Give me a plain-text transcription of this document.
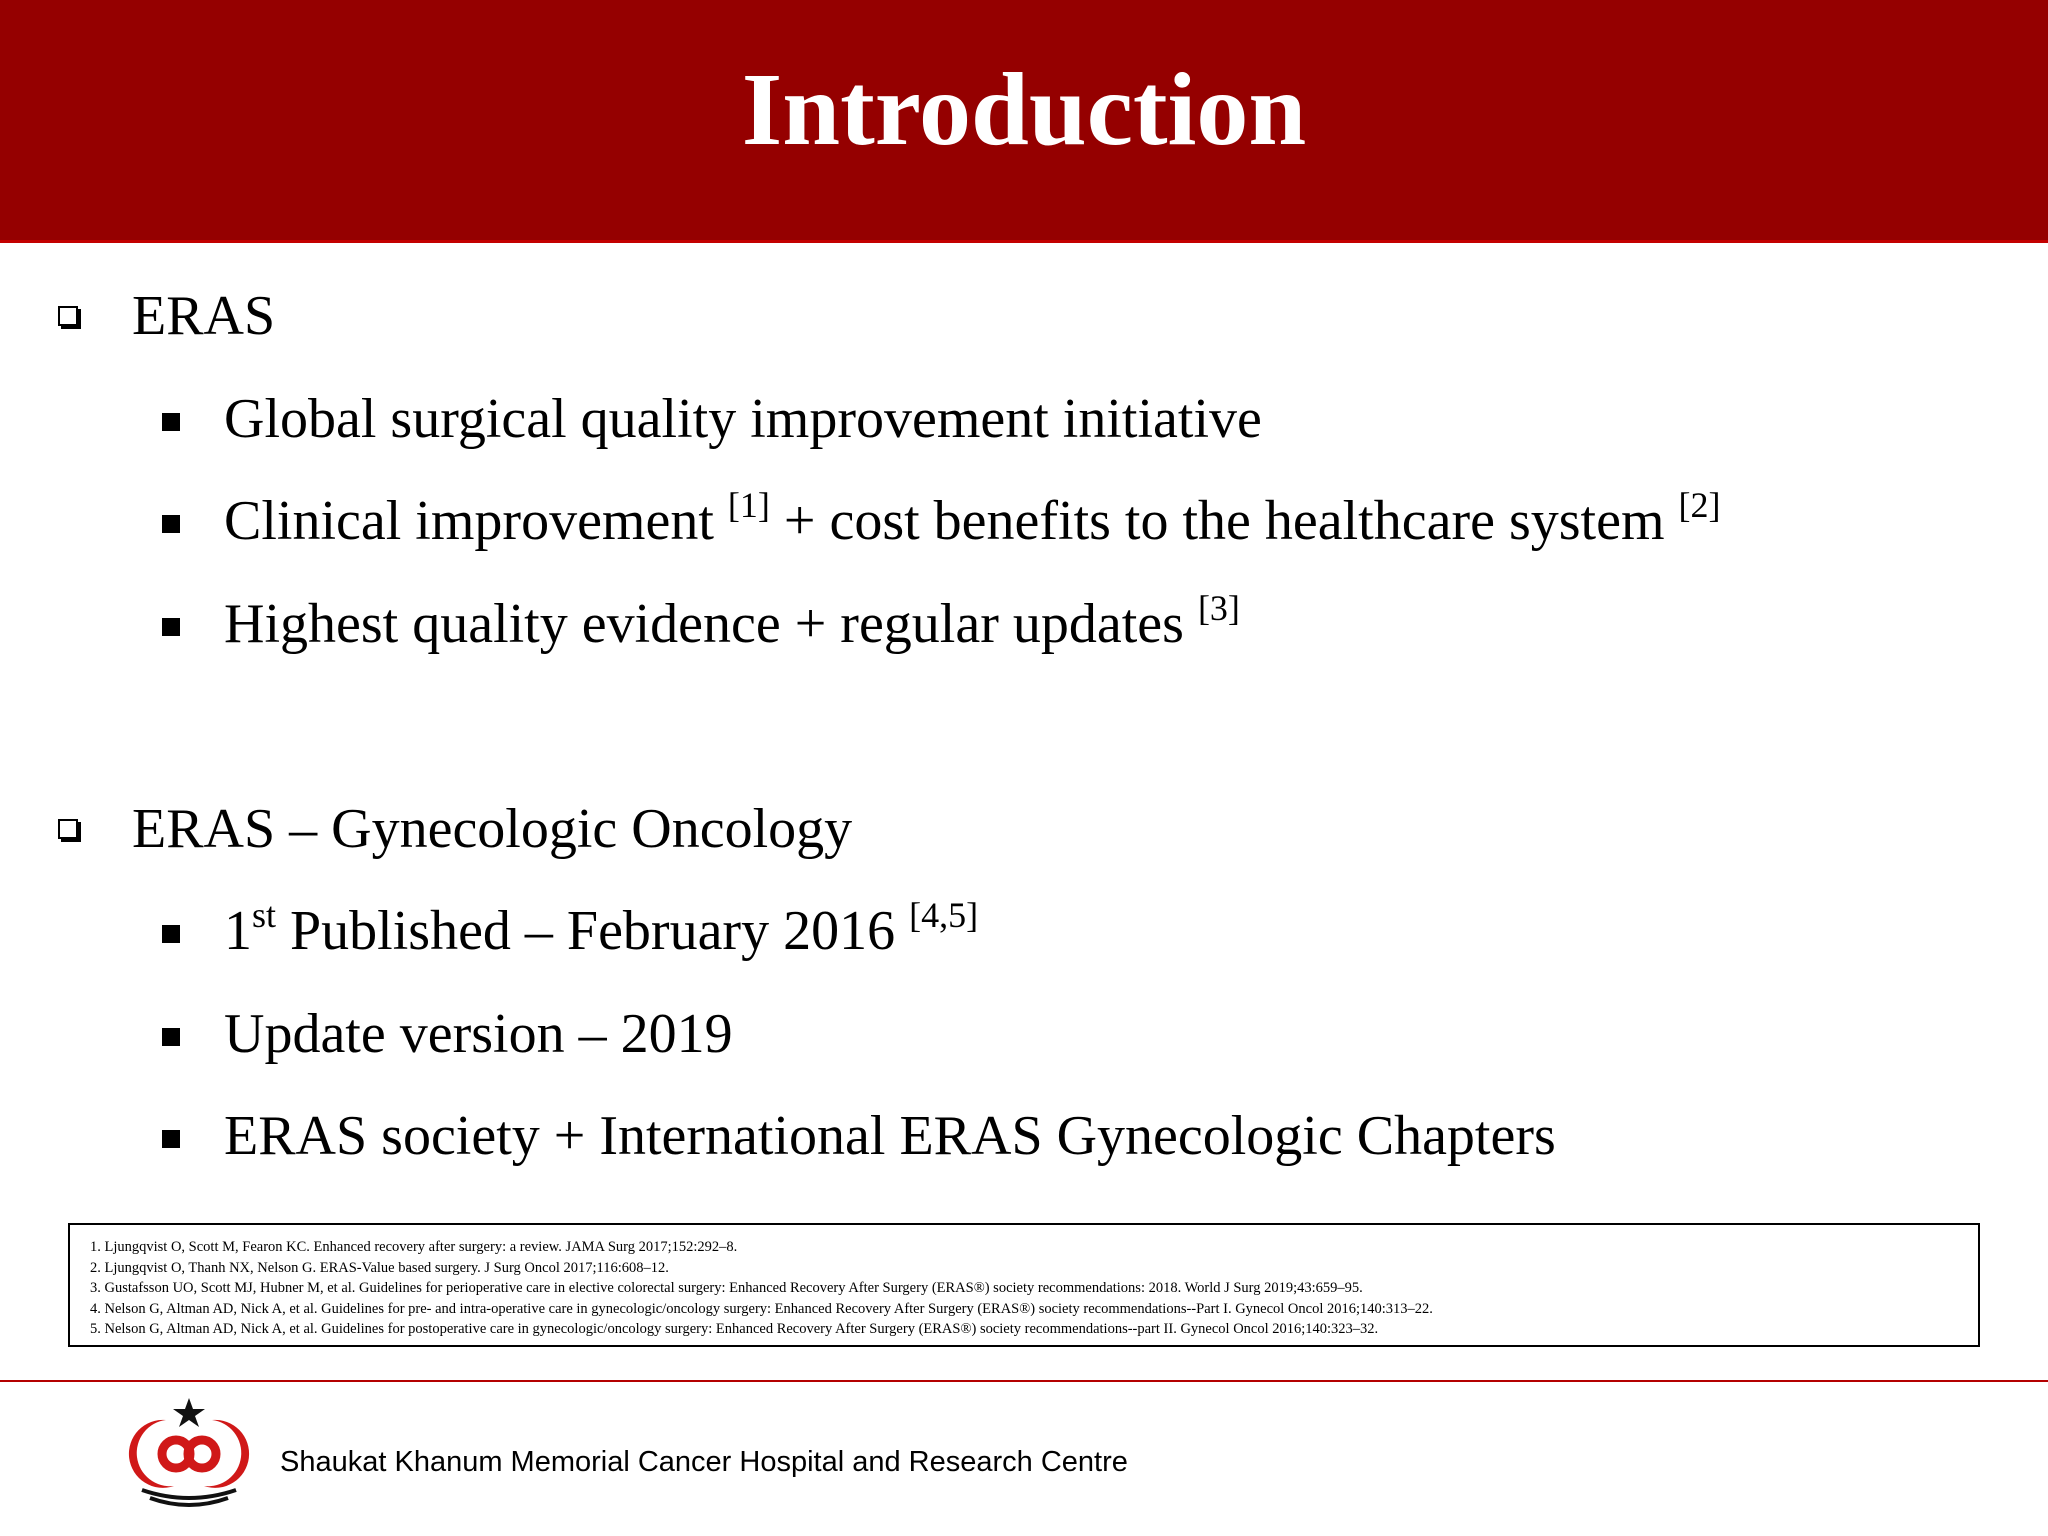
Introduction
ERAS
Global surgical quality improvement initiative
Clinical improvement [1] + cost benefits to the healthcare system [2]
Highest quality evidence + regular updates [3]
ERAS – Gynecologic Oncology
1st Published – February 2016 [4,5]
Update version – 2019
ERAS society + International ERAS Gynecologic Chapters
1. Ljungqvist O, Scott M, Fearon KC. Enhanced recovery after surgery: a review. JAMA Surg 2017;152:292–8.
2. Ljungqvist O, Thanh NX, Nelson G. ERAS-Value based surgery. J Surg Oncol 2017;116:608–12.
3. Gustafsson UO, Scott MJ, Hubner M, et al. Guidelines for perioperative care in elective colorectal surgery: Enhanced Recovery After Surgery (ERAS®) society recommendations: 2018. World J Surg 2019;43:659–95.
4. Nelson G, Altman AD, Nick A, et al. Guidelines for pre- and intra-operative care in gynecologic/oncology surgery: Enhanced Recovery After Surgery (ERAS®) society recommendations--Part I. Gynecol Oncol 2016;140:313–22.
5. Nelson G, Altman AD, Nick A, et al. Guidelines for postoperative care in gynecologic/oncology surgery: Enhanced Recovery After Surgery (ERAS®) society recommendations--part II. Gynecol Oncol 2016;140:323–32.
Shaukat Khanum Memorial Cancer Hospital and Research Centre
